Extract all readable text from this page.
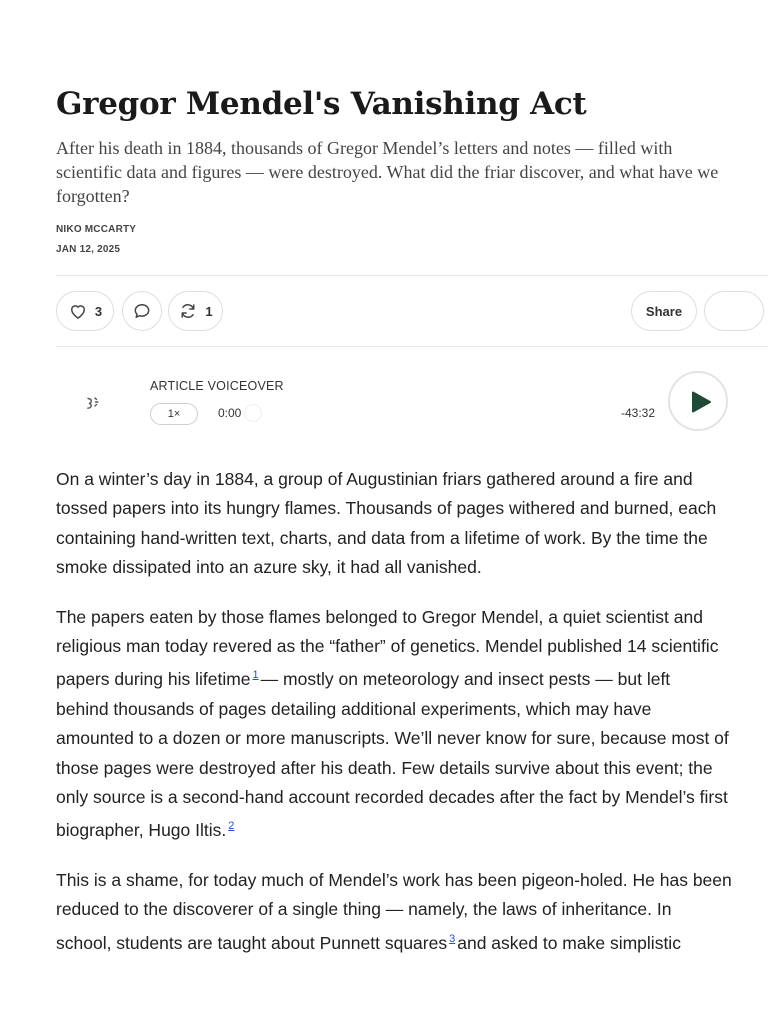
Gregor Mendel's Vanishing Act

After his death in 1884, thousands of Gregor Mendel’s letters and notes — filled with scientific data and figures — were destroyed. What did the friar discover, and what have we forgotten?

NIKO MCCARTY
JAN 12, 2025
3	1	Share
ARTICLE VOICEOVER
1×	0:00	-43:32
On a winter’s day in 1884, a group of Augustinian friars gathered around a fire and
tossed papers into its hungry flames. Thousands of pages withered and burned, each
containing hand-written text, charts, and data from a lifetime of work. By the time the
smoke dissipated into an azure sky, it had all vanished.
The papers eaten by those flames belonged to Gregor Mendel, a quiet scientist and
religious man today revered as the “father” of genetics. Mendel published 14 scientific
papers during his lifetime $^1$ — mostly on meteorology and insect pests — but left
behind thousands of pages detailing additional experiments, which may have
amounted to a dozen or more manuscripts. We’ll never know for sure, because most of
those pages were destroyed after his death. Few details survive about this event; the
only source is a second-hand account recorded decades after the fact by Mendel’s first
biographer, Hugo Iltis. $^2$
This is a shame, for today much of Mendel’s work has been pigeon-holed. He has been
reduced to the discoverer of a single thing — namely, the laws of inheritance. In
school, students are taught about Punnett squares $^3$ and asked to make simplistic
